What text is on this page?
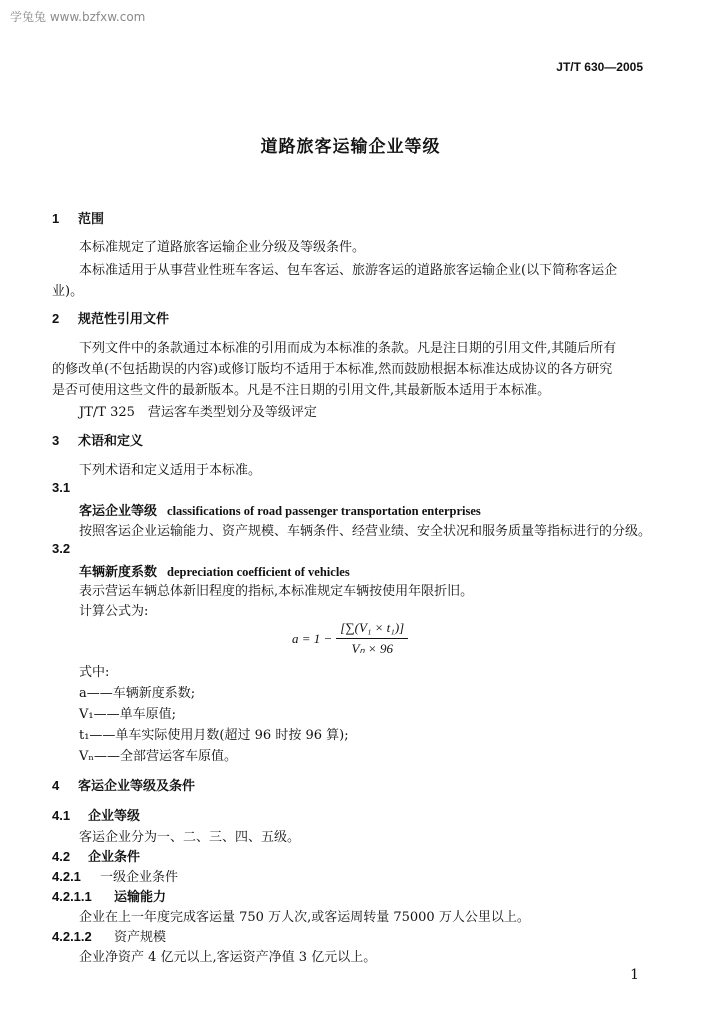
学兔兔 www.bzfxw.com
JT/T 630—2005
道路旅客运输企业等级
1 范围
本标准规定了道路旅客运输企业分级及等级条件。
本标准适用于从事营业性班车客运、包车客运、旅游客运的道路旅客运输企业(以下简称客运企
业)。
2 规范性引用文件
下列文件中的条款通过本标准的引用而成为本标准的条款。凡是注日期的引用文件,其随后所有
的修改单(不包括勘误的内容)或修订版均不适用于本标准,然而鼓励根据本标准达成协议的各方研究
是否可使用这些文件的最新版本。凡是不注日期的引用文件,其最新版本适用于本标准。
JT/T 325　营运客车类型划分及等级评定
3 术语和定义
下列术语和定义适用于本标准。
3.1
客运企业等级 classifications of road passenger transportation enterprises
按照客运企业运输能力、资产规模、车辆条件、经营业绩、安全状况和服务质量等指标进行的分级。
3.2
车辆新度系数 depreciation coefficient of vehicles
表示营运车辆总体新旧程度的指标,本标准规定车辆按使用年限折旧。
计算公式为:
$a = 1 - \frac{\text{[∑(V₁ × t₁)]}}{\text{Vₙ × 96}}$
式中:
a——车辆新度系数;
V₁——单车原值;
t₁——单车实际使用月数(超过 96 时按 96 算);
Vₙ——全部营运客车原值。
4 客运企业等级及条件
4.1 企业等级
客运企业分为一、二、三、四、五级。
4.2 企业条件
4.2.1 一级企业条件
4.2.1.1 运输能力
企业在上一年度完成客运量 750 万人次,或客运周转量 75000 万人公里以上。
4.2.1.2 资产规模
企业净资产 4 亿元以上,客运资产净值 3 亿元以上。
1
